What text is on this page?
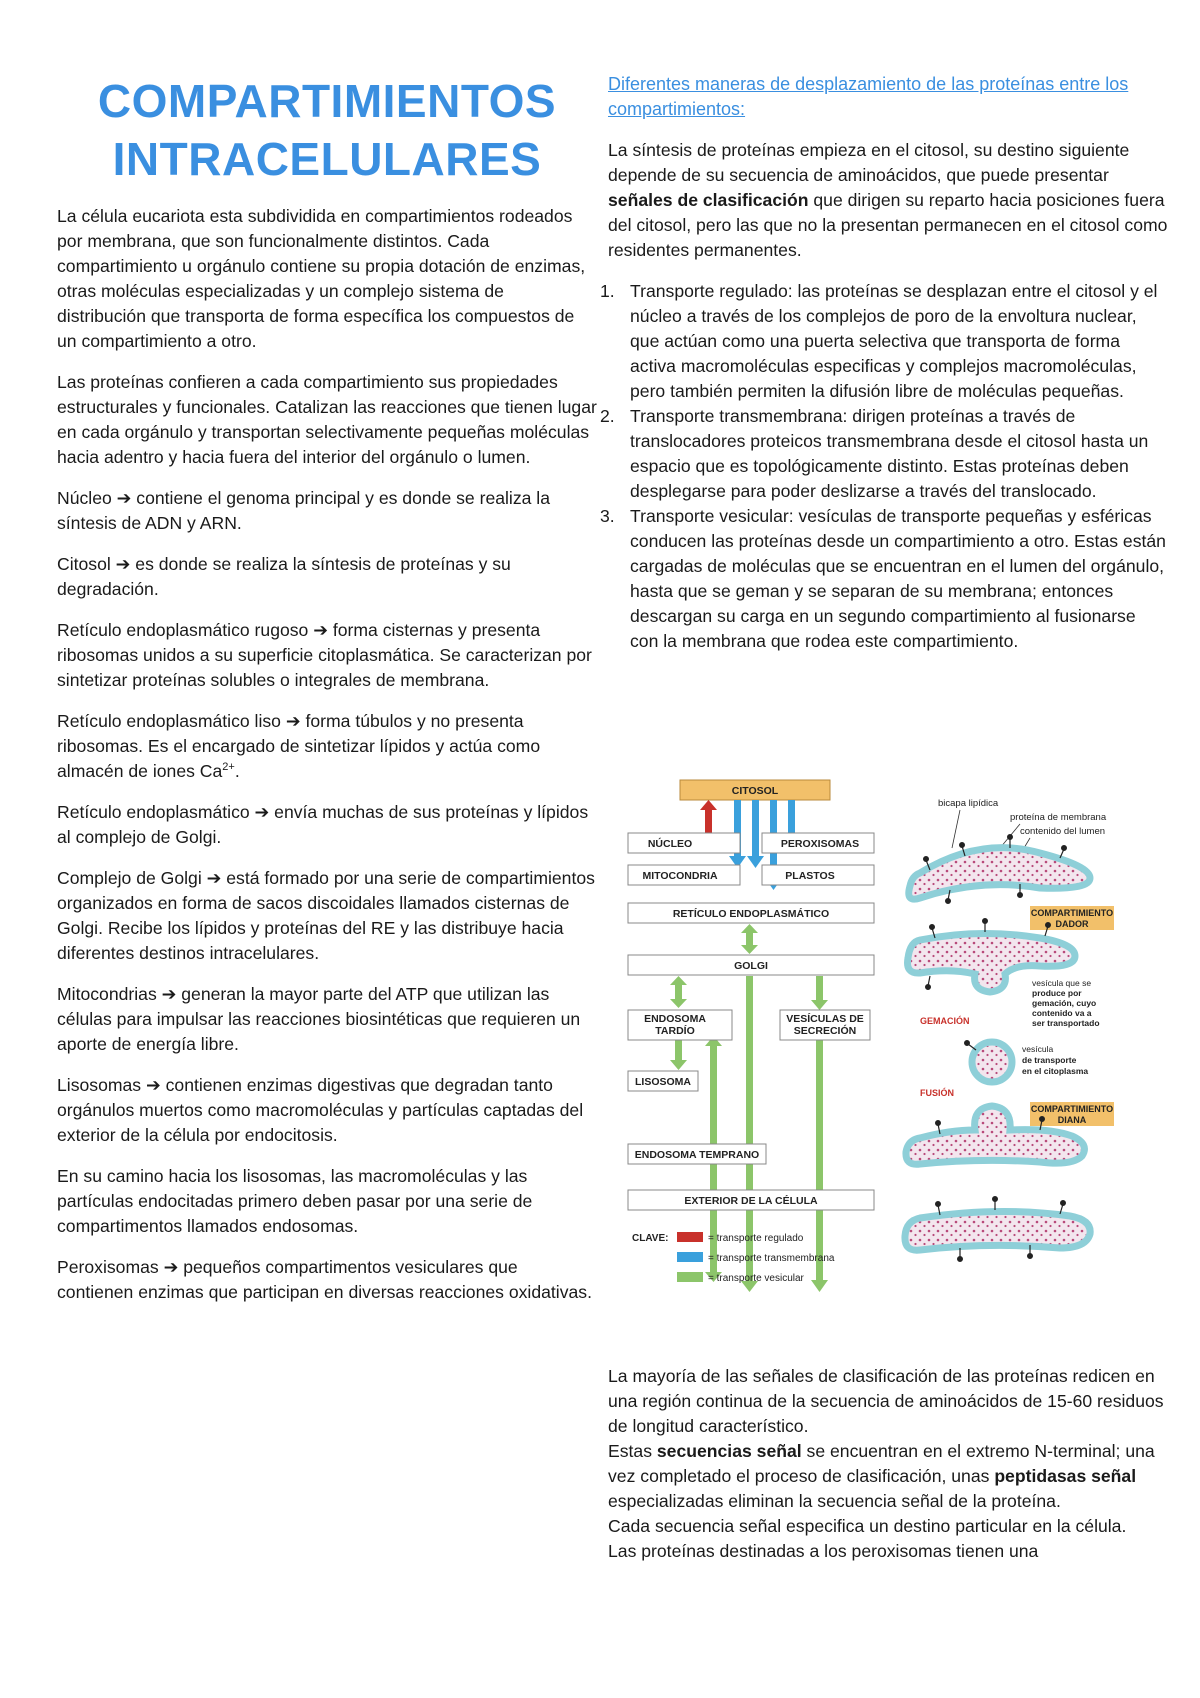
COMPARTIMIENTOS
INTRACELULARES

La célula eucariota esta subdividida en compartimientos rodeados por membrana, que son funcionalmente distintos. Cada compartimiento u orgánulo contiene su propia dotación de enzimas, otras moléculas especializadas y un complejo sistema de distribución que transporta de forma específica los compuestos de un compartimiento a otro.

Las proteínas confieren a cada compartimiento sus propiedades estructurales y funcionales. Catalizan las reacciones que tienen lugar en cada orgánulo y transportan selectivamente pequeñas moléculas hacia adentro y hacia fuera del interior del orgánulo o lumen.

Núcleo ➔ contiene el genoma principal y es donde se realiza la síntesis de ADN y ARN.

Citosol ➔ es donde se realiza la síntesis de proteínas y su degradación.

Retículo endoplasmático rugoso ➔ forma cisternas y presenta ribosomas unidos a su superficie citoplasmática. Se caracterizan por sintetizar proteínas solubles o integrales de membrana.

Retículo endoplasmático liso ➔ forma túbulos y no presenta ribosomas. Es el encargado de sintetizar lípidos y actúa como almacén de iones $Ca^{2+}$.

Retículo endoplasmático ➔ envía muchas de sus proteínas y lípidos al complejo de Golgi.

Complejo de Golgi ➔ está formado por una serie de compartimientos organizados en forma de sacos discoidales llamados cisternas de Golgi. Recibe los lípidos y proteínas del RE y las distribuye hacia diferentes destinos intracelulares.

Mitocondrias ➔ generan la mayor parte del ATP que utilizan las células para impulsar las reacciones biosintéticas que requieren un aporte de energía libre.

Lisosomas ➔ contienen enzimas digestivas que degradan tanto orgánulos muertos como macromoléculas y partículas captadas del exterior de la célula por endocitosis.

En su camino hacia los lisosomas, las macromoléculas y las partículas endocitadas primero deben pasar por una serie de compartimentos llamados endosomas.

Peroxisomas ➔ pequeños compartimentos vesiculares que contienen enzimas que participan en diversas reacciones oxidativas.

Diferentes maneras de desplazamiento de las proteínas entre los compartimientos:

La síntesis de proteínas empieza en el citosol, su destino siguiente depende de su secuencia de aminoácidos, que puede presentar señales de clasificación que dirigen su reparto hacia posiciones fuera del citosol, pero las que no la presentan permanecen en el citosol como residentes permanentes.

1. Transporte regulado: las proteínas se desplazan entre el citosol y el núcleo a través de los complejos de poro de la envoltura nuclear, que actúan como una puerta selectiva que transporta de forma activa macromoléculas especificas y complejos macromoléculas, pero también permiten la difusión libre de moléculas pequeñas.
2. Transporte transmembrana: dirigen proteínas a través de translocadores proteicos transmembrana desde el citosol hasta un espacio que es topológicamente distinto. Estas proteínas deben desplegarse para poder deslizarse a través del translocado.
3. Transporte vesicular: vesículas de transporte pequeñas y esféricas conducen las proteínas desde un compartimiento a otro. Estas están cargadas de moléculas que se encuentran en el lumen del orgánulo, hasta que se geman y se separan de su membrana; entonces descargan su carga en un segundo compartimiento al fusionarse con la membrana que rodea este compartimiento.
CITOSOL
NÚCLEO	PEROXISOMAS
MITOCONDRIA	PLASTOS
RETÍCULO ENDOPLASMÁTICO
GOLGI
ENDOSOMA
TARDÍO
VESÍCULAS DE
SECRECIÓN
LISOSOMA
ENDOSOMA TEMPRANO
EXTERIOR DE LA CÉLULA
CLAVE:	= transporte regulado
= transporte transmembrana
= transporte vesicular
bicapa lipídica
proteína de membrana
contenido del lumen
COMPARTIMIENTO
DADOR
vesícula que se
produce por
gemación, cuyo
contenido va a
ser transportado
GEMACIÓN
vesícula
de transporte
en el citoplasma
FUSIÓN
COMPARTIMIENTO
DIANA

La mayoría de las señales de clasificación de las proteínas redicen en una región continua de la secuencia de aminoácidos de 15-60 residuos de longitud característico.

Estas secuencias señal se encuentran en el extremo N-terminal; una vez completado el proceso de clasificación, unas peptidasas señal especializadas eliminan la secuencia señal de la proteína.

Cada secuencia señal especifica un destino particular en la célula.

Las proteínas destinadas a los peroxisomas tienen una
